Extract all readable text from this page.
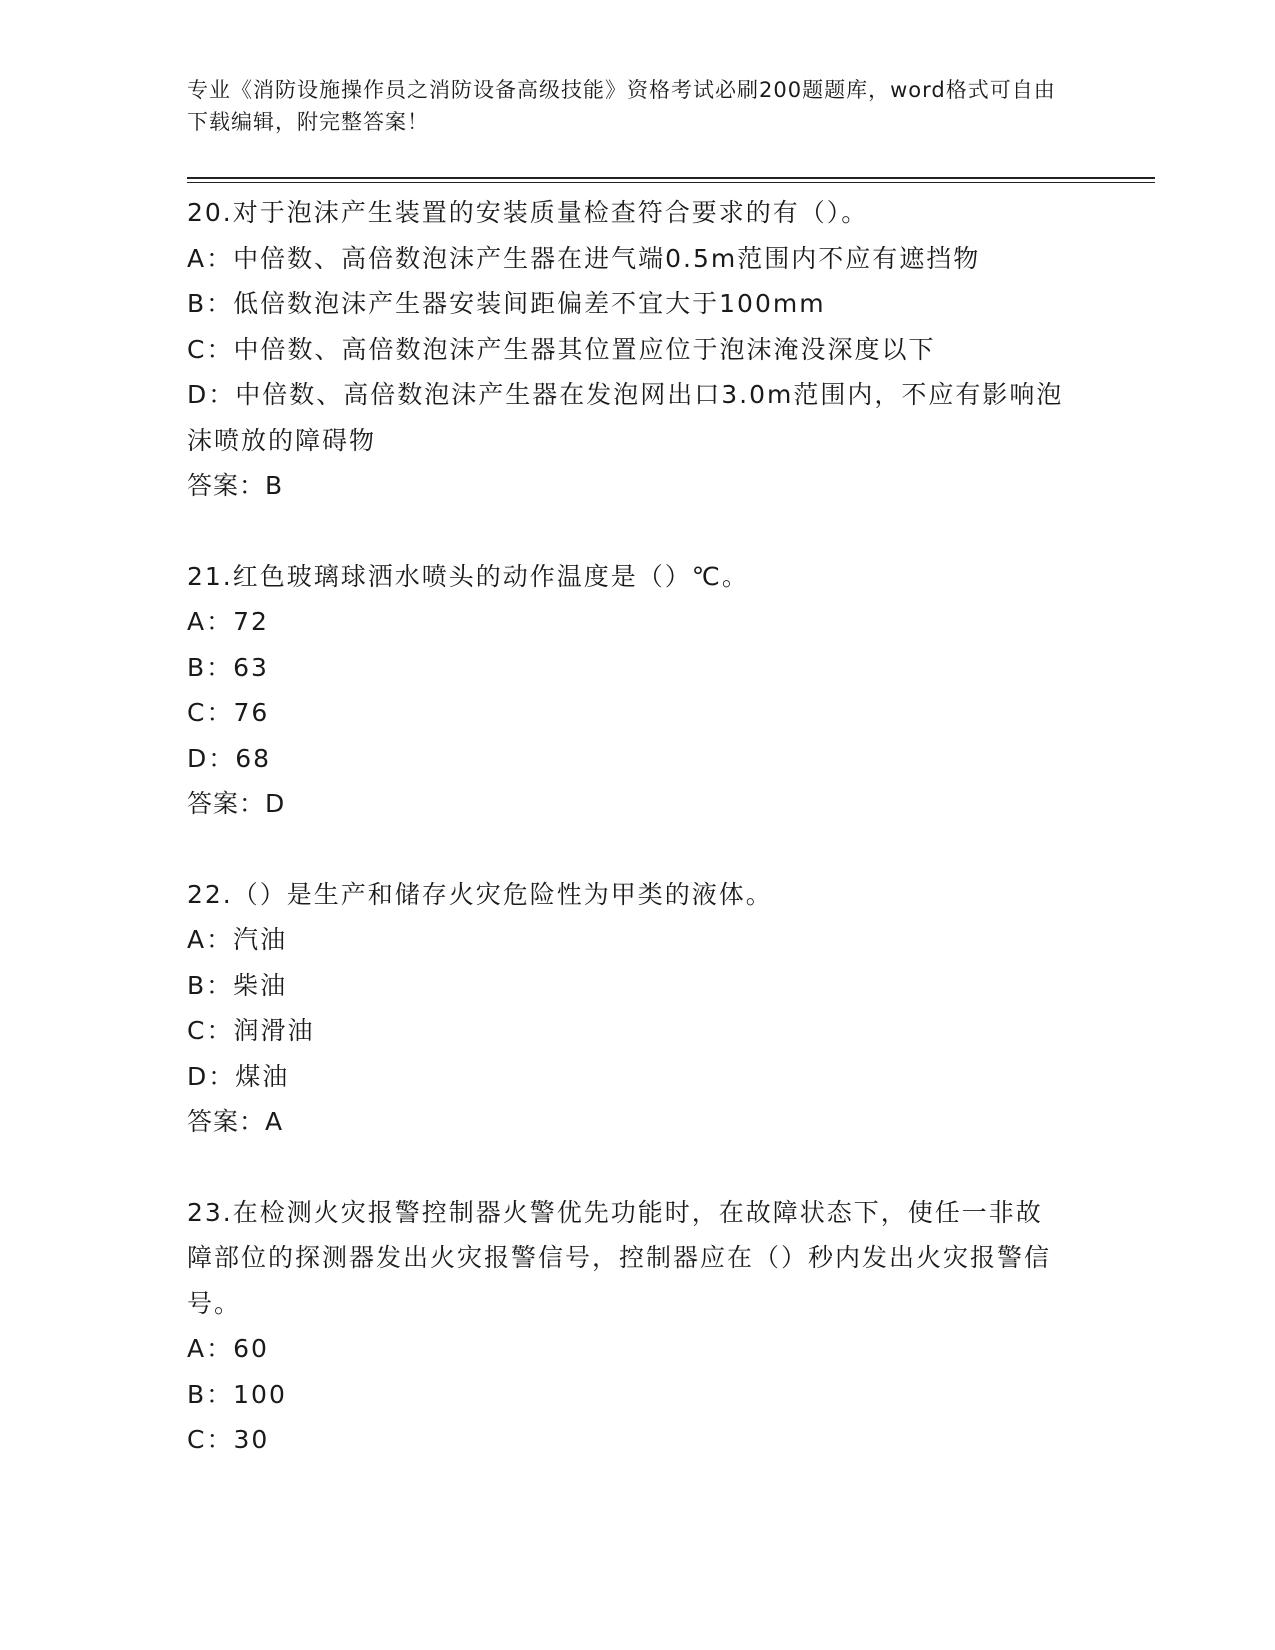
专业《消防设施操作员之消防设备高级技能》资格考试必刷200题题库，word格式可自由下载编辑，附完整答案！
20.对于泡沫产生装置的安装质量检查符合要求的有（）。
A：中倍数、高倍数泡沫产生器在进气端0.5m范围内不应有遮挡物
B：低倍数泡沫产生器安装间距偏差不宜大于100mm
C：中倍数、高倍数泡沫产生器其位置应位于泡沫淹没深度以下
D：中倍数、高倍数泡沫产生器在发泡网出口3.0m范围内，不应有影响泡沫喷放的障碍物
答案：B
21.红色玻璃球洒水喷头的动作温度是（）℃。
A：72
B：63
C：76
D：68
答案：D
22.（）是生产和储存火灾危险性为甲类的液体。
A：汽油
B：柴油
C：润滑油
D：煤油
答案：A
23.在检测火灾报警控制器火警优先功能时，在故障状态下，使任一非故障部位的探测器发出火灾报警信号，控制器应在（）秒内发出火灾报警信号。
A：60
B：100
C：30
